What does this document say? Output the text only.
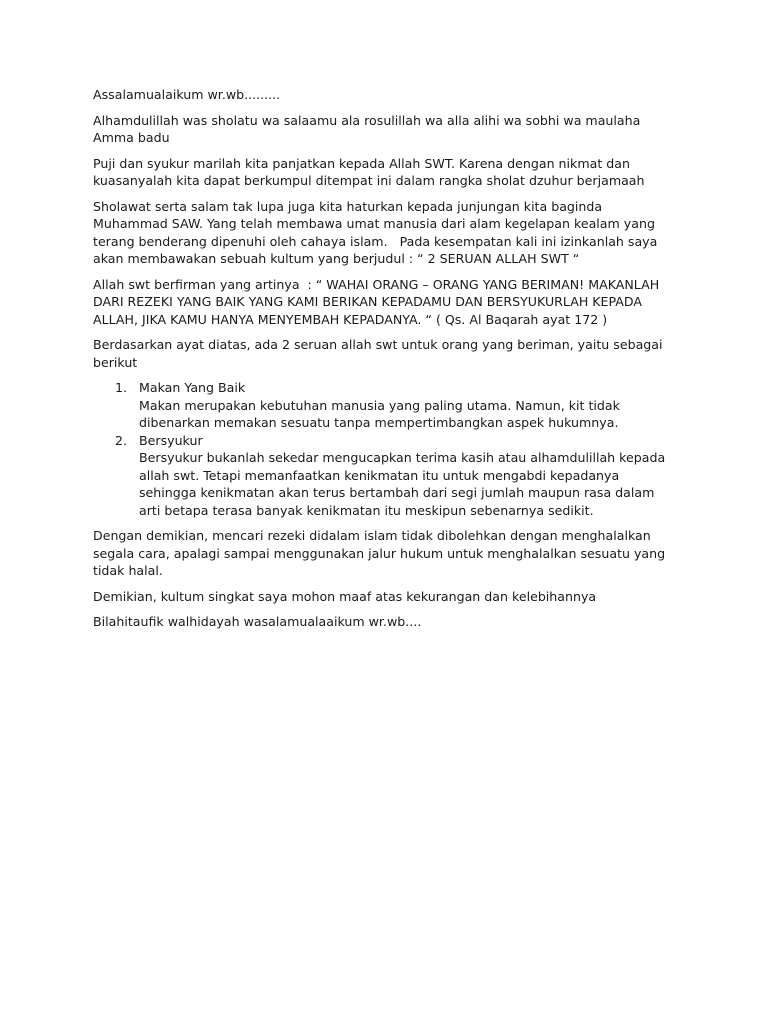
Assalamualaikum wr.wb.........

Alhamdulillah was sholatu wa salaamu ala rosulillah wa alla alihi wa sobhi wa maulaha
Amma badu

Puji dan syukur marilah kita panjatkan kepada Allah SWT. Karena dengan nikmat dan
kuasanyalah kita dapat berkumpul ditempat ini dalam rangka sholat dzuhur berjamaah

Sholawat serta salam tak lupa juga kita haturkan kepada junjungan kita baginda
Muhammad SAW. Yang telah membawa umat manusia dari alam kegelapan kealam yang
terang benderang dipenuhi oleh cahaya islam.   Pada kesempatan kali ini izinkanlah saya
akan membawakan sebuah kultum yang berjudul : “ 2 SERUAN ALLAH SWT “

Allah swt berfirman yang artinya  : “ WAHAI ORANG – ORANG YANG BERIMAN! MAKANLAH
DARI REZEKI YANG BAIK YANG KAMI BERIKAN KEPADAMU DAN BERSYUKURLAH KEPADA
ALLAH, JIKA KAMU HANYA MENYEMBAH KEPADANYA. “ ( Qs. Al Baqarah ayat 172 )

Berdasarkan ayat diatas, ada 2 seruan allah swt untuk orang yang beriman, yaitu sebagai
berikut

1. Makan Yang Baik
Makan merupakan kebutuhan manusia yang paling utama. Namun, kit tidak
dibenarkan memakan sesuatu tanpa mempertimbangkan aspek hukumnya.
2. Bersyukur
Bersyukur bukanlah sekedar mengucapkan terima kasih atau alhamdulillah kepada
allah swt. Tetapi memanfaatkan kenikmatan itu untuk mengabdi kepadanya
sehingga kenikmatan akan terus bertambah dari segi jumlah maupun rasa dalam
arti betapa terasa banyak kenikmatan itu meskipun sebenarnya sedikit.

Dengan demikian, mencari rezeki didalam islam tidak dibolehkan dengan menghalalkan
segala cara, apalagi sampai menggunakan jalur hukum untuk menghalalkan sesuatu yang
tidak halal.

Demikian, kultum singkat saya mohon maaf atas kekurangan dan kelebihannya

Bilahitaufik walhidayah wasalamualaaikum wr.wb....
